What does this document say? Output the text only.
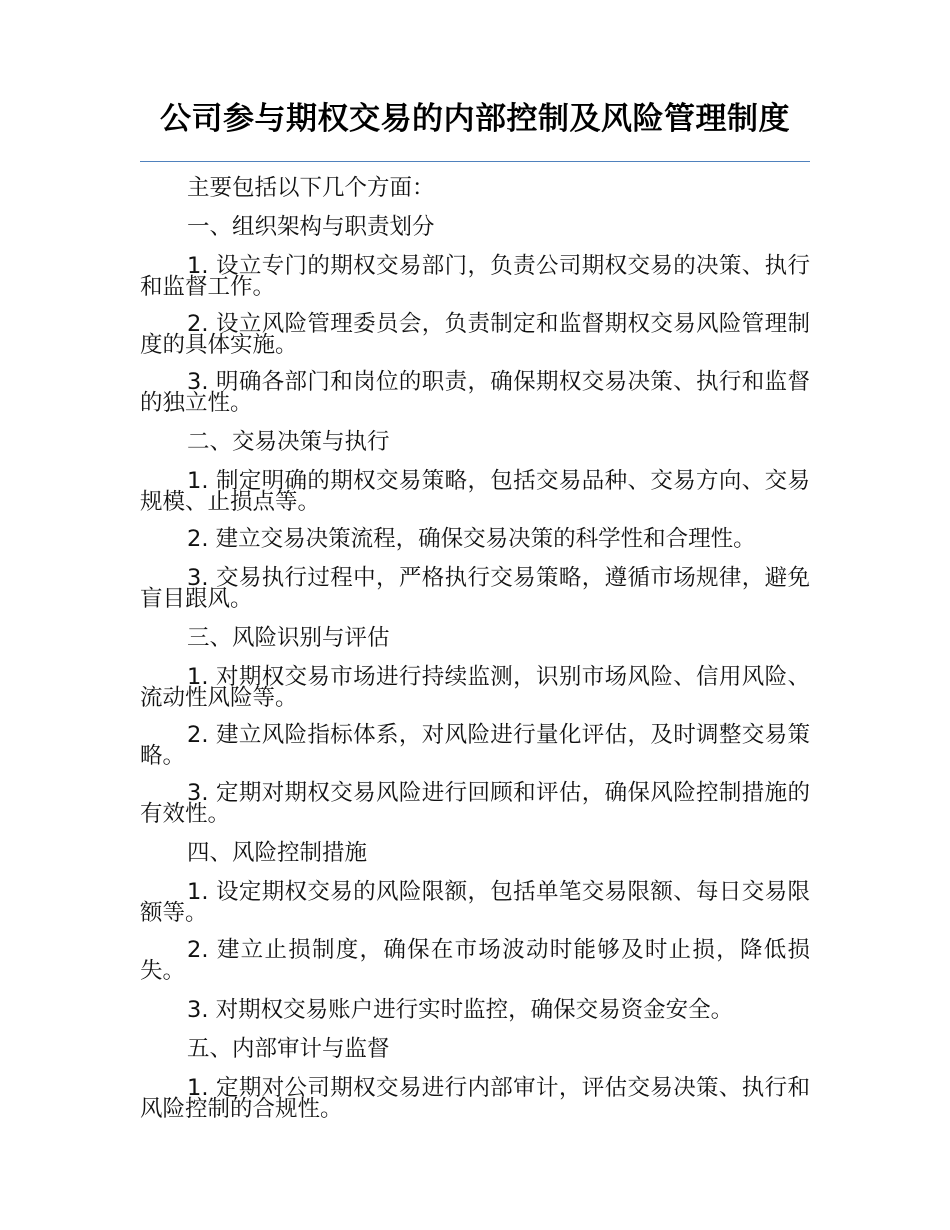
公司参与期权交易的内部控制及风险管理制度

主要包括以下几个方面：

一、组织架构与职责划分

1. 设立专门的期权交易部门，负责公司期权交易的决策、执行和监督工作。

2. 设立风险管理委员会，负责制定和监督期权交易风险管理制度的具体实施。

3. 明确各部门和岗位的职责，确保期权交易决策、执行和监督的独立性。

二、交易决策与执行

1. 制定明确的期权交易策略，包括交易品种、交易方向、交易规模、止损点等。

2. 建立交易决策流程，确保交易决策的科学性和合理性。

3. 交易执行过程中，严格执行交易策略，遵循市场规律，避免盲目跟风。

三、风险识别与评估

1. 对期权交易市场进行持续监测，识别市场风险、信用风险、流动性风险等。

2. 建立风险指标体系，对风险进行量化评估，及时调整交易策略。

3. 定期对期权交易风险进行回顾和评估，确保风险控制措施的有效性。

四、风险控制措施

1. 设定期权交易的风险限额，包括单笔交易限额、每日交易限额等。

2. 建立止损制度，确保在市场波动时能够及时止损，降低损失。

3. 对期权交易账户进行实时监控，确保交易资金安全。

五、内部审计与监督

1. 定期对公司期权交易进行内部审计，评估交易决策、执行和风险控制的合规性。
